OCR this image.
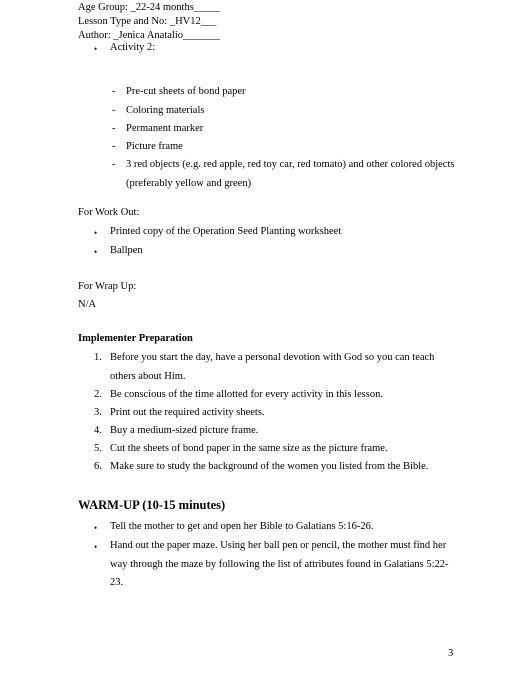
Age Group: _22-24 months_____
Lesson Type and No: _HV12___
Author: _Jenica Anatalio_______
• Activity 2:
- Pre-cut sheets of bond paper
- Coloring materials
- Permanent marker
- Picture frame
- 3 red objects (e.g. red apple, red toy car, red tomato) and other colored objects
(preferably yellow and green)
For Work Out:
• Printed copy of the Operation Seed Planting worksheet
• Ballpen
For Wrap Up:
N/A
Implementer Preparation
1. Before you start the day, have a personal devotion with God so you can teach
others about Him.
2. Be conscious of the time allotted for every activity in this lesson.
3. Print out the required activity sheets.
4. Buy a medium-sized picture frame.
5. Cut the sheets of bond paper in the same size as the picture frame.
6. Make sure to study the background of the women you listed from the Bible.
WARM-UP (10-15 minutes)
• Tell the mother to get and open her Bible to Galatians 5:16-26.
• Hand out the paper maze. Using her ball pen or pencil, the mother must find her
way through the maze by following the list of attributes found in Galatians 5:22-
23.
3
